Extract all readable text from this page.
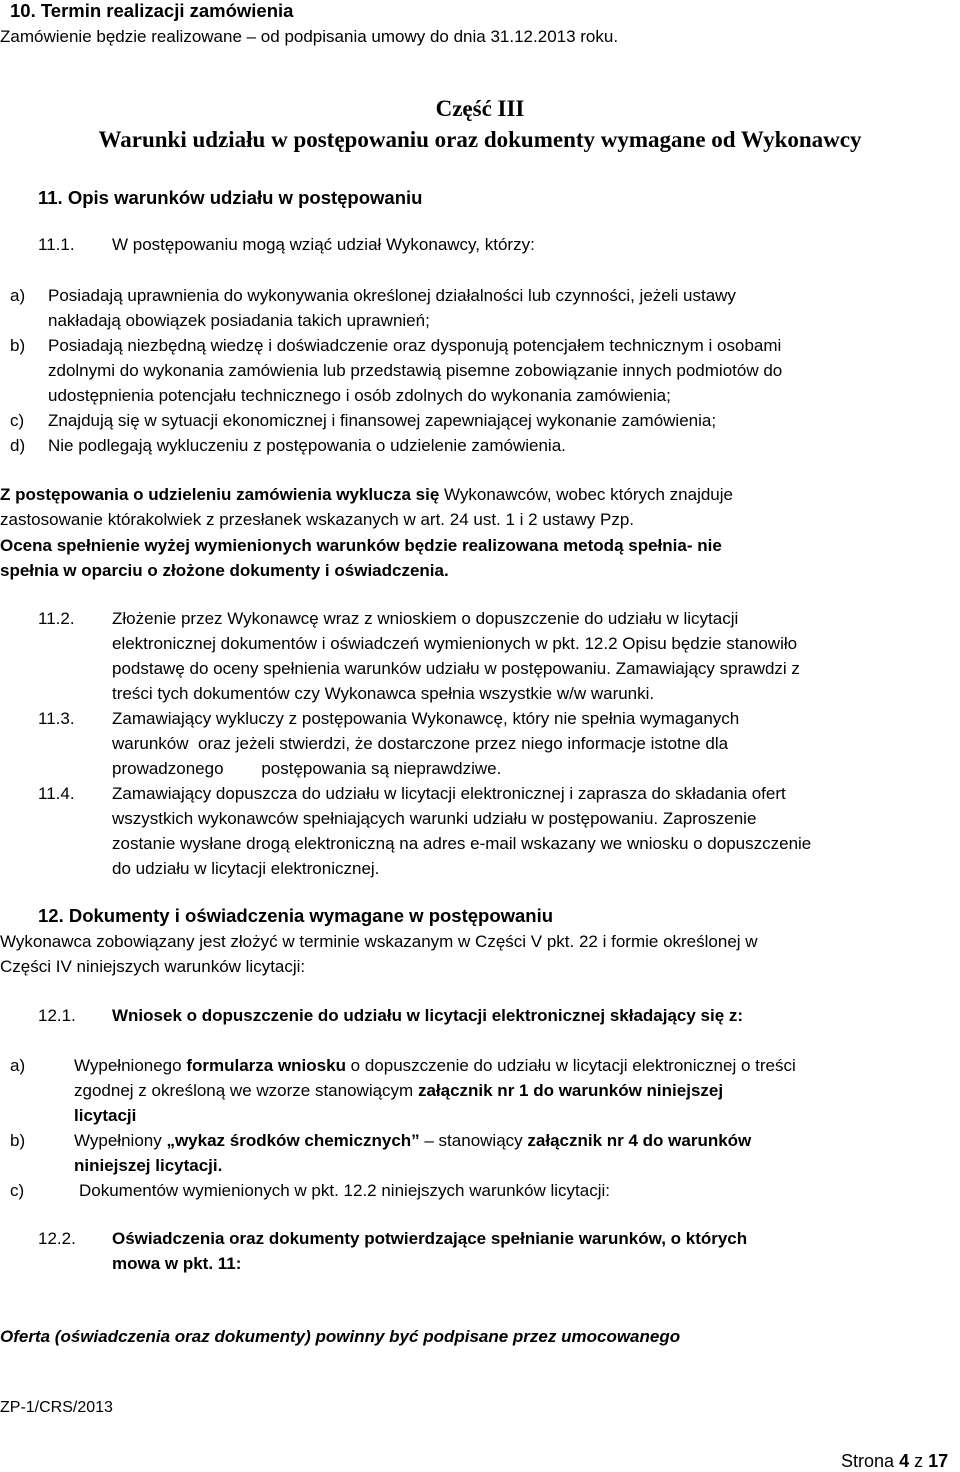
10. Termin realizacji zamówienia
Zamówienie będzie realizowane – od podpisania umowy do dnia 31.12.2013 roku.
Część III
Warunki udziału w postępowaniu oraz dokumenty wymagane od Wykonawcy
11. Opis warunków udziału w postępowaniu
11.1. W postępowaniu mogą wziąć udział Wykonawcy, którzy:
a) Posiadają uprawnienia do wykonywania określonej działalności lub czynności, jeżeli ustawy
nakładają obowiązek posiadania takich uprawnień;
b) Posiadają niezbędną wiedzę i doświadczenie oraz dysponują potencjałem technicznym i osobami
zdolnymi do wykonania zamówienia lub przedstawią pisemne zobowiązanie innych podmiotów do
udostępnienia potencjału technicznego i osób zdolnych do wykonania zamówienia;
c) Znajdują się w sytuacji ekonomicznej i finansowej zapewniającej wykonanie zamówienia;
d) Nie podlegają wykluczeniu z postępowania o udzielenie zamówienia.
Z postępowania o udzieleniu zamówienia wyklucza się Wykonawców, wobec których znajduje
zastosowanie którakolwiek z przesłanek wskazanych w art. 24 ust. 1 i 2 ustawy Pzp.
Ocena spełnienie wyżej wymienionych warunków będzie realizowana metodą spełnia- nie
spełnia w oparciu o złożone dokumenty i oświadczenia.
11.2. Złożenie przez Wykonawcę wraz z wnioskiem o dopuszczenie do udziału w licytacji
elektronicznej dokumentów i oświadczeń wymienionych w pkt. 12.2 Opisu będzie stanowiło
podstawę do oceny spełnienia warunków udziału w postępowaniu. Zamawiający sprawdzi z
treści tych dokumentów czy Wykonawca spełnia wszystkie w/w warunki.
11.3. Zamawiający wykluczy z postępowania Wykonawcę, który nie spełnia wymaganych
warunków  oraz jeżeli stwierdzi, że dostarczone przez niego informacje istotne dla
prowadzonego        postępowania są nieprawdziwe.
11.4. Zamawiający dopuszcza do udziału w licytacji elektronicznej i zaprasza do składania ofert
wszystkich wykonawców spełniających warunki udziału w postępowaniu. Zaproszenie
zostanie wysłane drogą elektroniczną na adres e-mail wskazany we wniosku o dopuszczenie
do udziału w licytacji elektronicznej.
12. Dokumenty i oświadczenia wymagane w postępowaniu
Wykonawca zobowiązany jest złożyć w terminie wskazanym w Części V pkt. 22 i formie określonej w
Części IV niniejszych warunków licytacji:
12.1. Wniosek o dopuszczenie do udziału w licytacji elektronicznej składający się z:
a)	Wypełnionego formularza wniosku o dopuszczenie do udziału w licytacji elektronicznej o treści
zgodnej z określoną we wzorze stanowiącym załącznik nr 1 do warunków niniejszej
licytacji
b)	Wypełniony „wykaz środków chemicznych” – stanowiący załącznik nr 4 do warunków
niniejszej licytacji.
c)	Dokumentów wymienionych w pkt. 12.2 niniejszych warunków licytacji:
12.2. Oświadczenia oraz dokumenty potwierdzające spełnianie warunków, o których
mowa w pkt. 11:
Oferta (oświadczenia oraz dokumenty) powinny być podpisane przez umocowanego
ZP-1/CRS/2013
Strona 4 z 17
